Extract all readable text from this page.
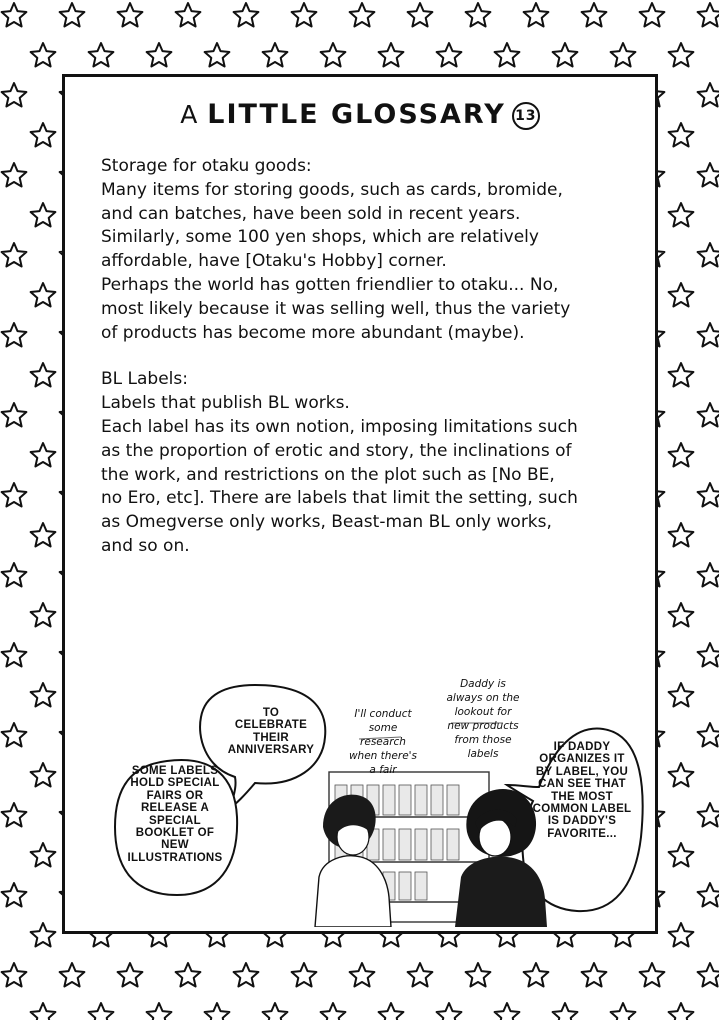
A LITTLE GLOSSARY 13

Storage for otaku goods:

Many items for storing goods, such as cards, bromide,

and can batches, have been sold in recent years.

Similarly, some 100 yen shops, which are relatively

affordable, have [Otaku's Hobby] corner.

Perhaps the world has gotten friendlier to otaku... No,

most likely because it was selling well, thus the variety

of products has become more abundant (maybe).

BL Labels:

Labels that publish BL works.

Each label has its own notion, imposing limitations such

as the proportion of erotic and story, the inclinations of

the work, and restrictions on the plot such as [No BE,

no Ero, etc]. There are labels that limit the setting, such

as Omegverse only works, Beast-man BL only works,

and so on.

TO
CELEBRATE
THEIR
ANNIVERSARY
SOME LABELS
HOLD SPECIAL
FAIRS OR
RELEASE A
SPECIAL
BOOKLET OF
NEW
ILLUSTRATIONS
IF DADDY
ORGANIZES IT
BY LABEL, YOU
CAN SEE THAT
THE MOST
COMMON LABEL
IS DADDY'S
FAVORITE...
I'll conduct
some
research
when there's
a fair
Daddy is
always on the
lookout for
new products
from those
labels
